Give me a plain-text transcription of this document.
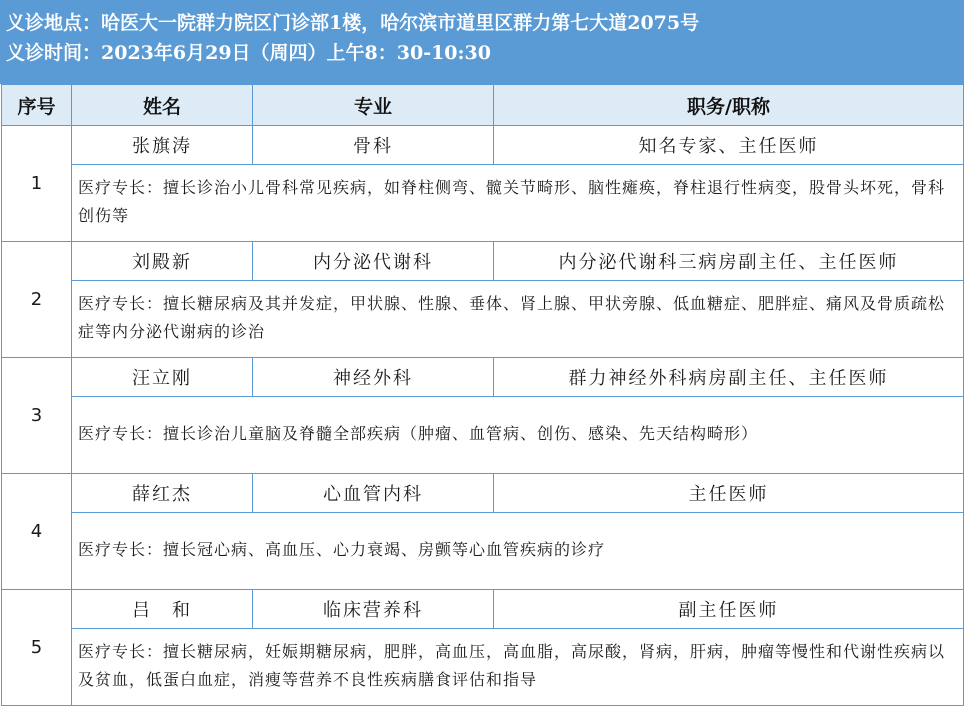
义诊地点：哈医大一院群力院区门诊部1楼，哈尔滨市道里区群力第七大道2075号
义诊时间：2023年6月29日（周四）上午8：30-10:30
序号	姓名	专业	职务/职称
1	张旗涛	骨科	知名专家、主任医师
	医疗专长：擅长诊治小儿骨科常见疾病，如脊柱侧弯、髋关节畸形、脑性瘫痪，脊柱退行性病变，股骨头坏死，骨科创伤等		
2	刘殿新	内分泌代谢科	内分泌代谢科三病房副主任、主任医师
	医疗专长：擅长糖尿病及其并发症，甲状腺、性腺、垂体、肾上腺、甲状旁腺、低血糖症、肥胖症、痛风及骨质疏松症等内分泌代谢病的诊治		
3	汪立刚	神经外科	群力神经外科病房副主任、主任医师
	医疗专长：擅长诊治儿童脑及脊髓全部疾病（肿瘤、血管病、创伤、感染、先天结构畸形）		
4	薛红杰	心血管内科	主任医师
	医疗专长：擅长冠心病、高血压、心力衰竭、房颤等心血管疾病的诊疗		
5	吕　和	临床营养科	副主任医师
	医疗专长：擅长糖尿病，妊娠期糖尿病，肥胖，高血压，高血脂，高尿酸，肾病，肝病，肿瘤等慢性和代谢性疾病以及贫血，低蛋白血症，消瘦等营养不良性疾病膳食评估和指导		
